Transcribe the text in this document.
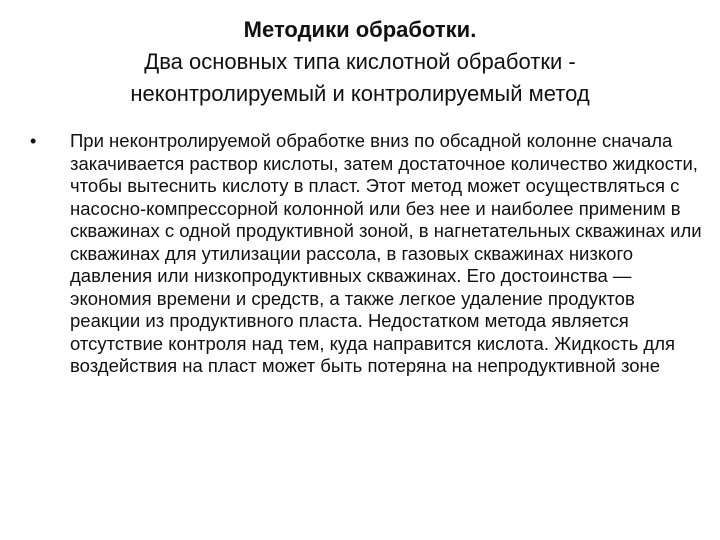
Методики обработки.
Два основных типа кислотной обработки -
неконтролируемый и контролируемый метод
•	При неконтролируемой обработке вниз по обсадной колонне сначала закачивается раствор кислоты, затем достаточное количество жидкости, чтобы вытеснить кислоту в пласт. Этот метод может осуществляться с насосно-компрессорной колонной или без нее и наиболее применим в скважинах с одной продуктивной зоной, в нагнетательных скважинах или скважинах для утилизации рассола, в газовых скважинах низкого давления или низкопродуктивных скважинах. Его достоинства — экономия времени и средств, а также легкое удаление продуктов реакции из продуктивного пласта. Недостатком метода является отсутствие контроля над тем, куда направится кислота. Жидкость для воздействия на пласт может быть потеряна на непродуктивной зоне
